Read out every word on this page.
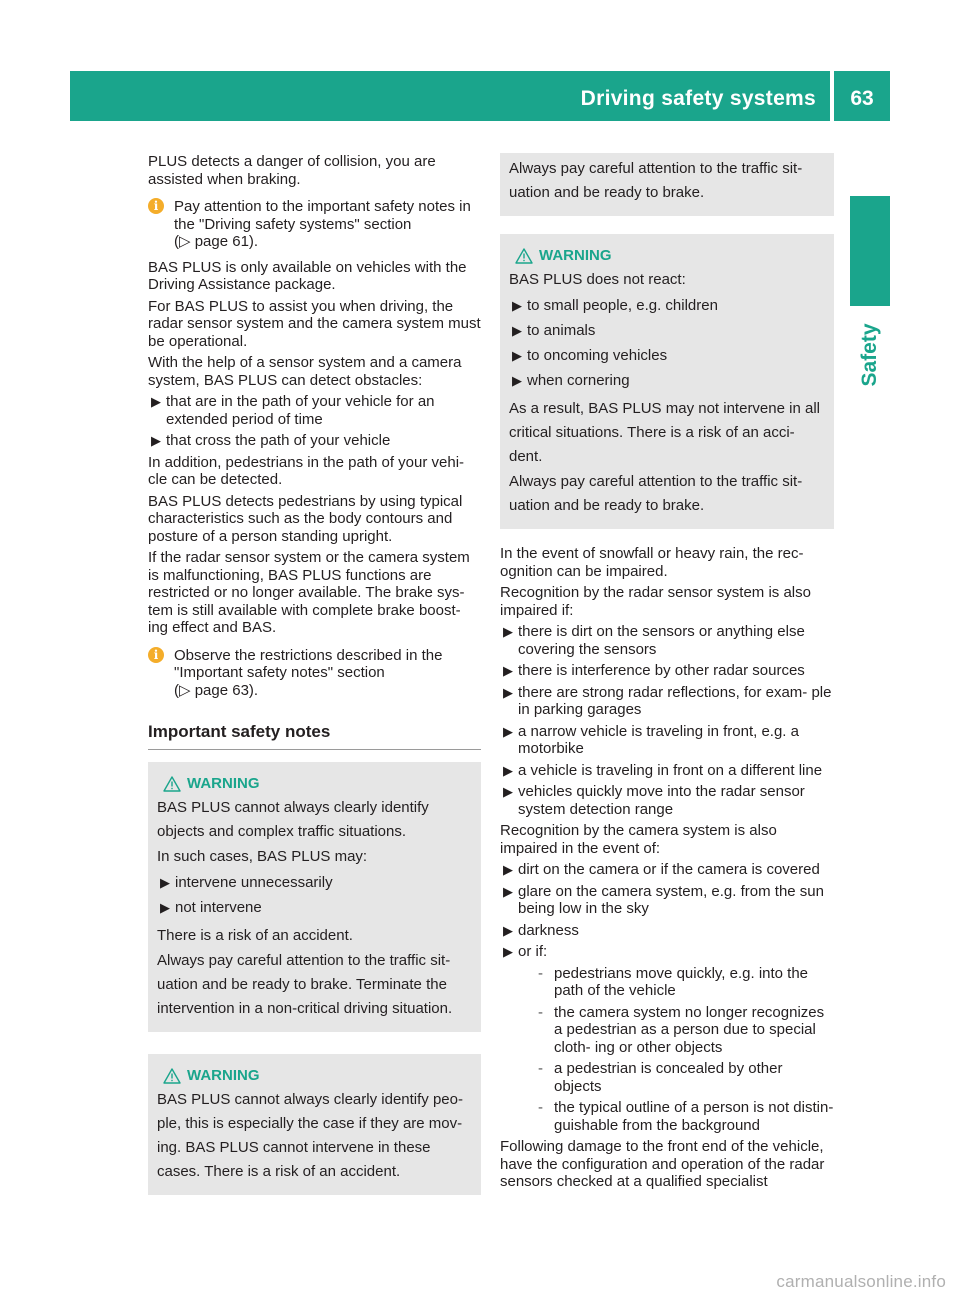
Driving safety systems	63
Safety

PLUS detects a danger of collision, you are assisted when braking.

i	Pay attention to the important safety notes in the "Driving safety systems" section
(▷ page 61).

BAS PLUS is only available on vehicles with the Driving Assistance package.

For BAS PLUS to assist you when driving, the radar sensor system and the camera system must be operational.

With the help of a sensor system and a camera system, BAS PLUS can detect obstacles:

▶ that are in the path of your vehicle for an extended period of time
▶ that cross the path of your vehicle

In addition, pedestrians in the path of your vehi- cle can be detected.

BAS PLUS detects pedestrians by using typical characteristics such as the body contours and posture of a person standing upright.

If the radar sensor system or the camera system is malfunctioning, BAS PLUS functions are restricted or no longer available. The brake sys- tem is still available with complete brake boost- ing effect and BAS.

i	Observe the restrictions described in the "Important safety notes" section
(▷ page 63).
Important safety notes
WARNING

BAS PLUS cannot always clearly identify objects and complex traffic situations.

In such cases, BAS PLUS may:

▶ intervene unnecessarily
▶ not intervene

There is a risk of an accident.

Always pay careful attention to the traffic sit- uation and be ready to brake. Terminate the intervention in a non-critical driving situation.

WARNING

BAS PLUS cannot always clearly identify peo- ple, this is especially the case if they are mov- ing. BAS PLUS cannot intervene in these cases. There is a risk of an accident.

Always pay careful attention to the traffic sit- uation and be ready to brake.

WARNING

BAS PLUS does not react:

▶ to small people, e.g. children
▶ to animals
▶ to oncoming vehicles
▶ when cornering

As a result, BAS PLUS may not intervene in all critical situations. There is a risk of an acci- dent.

Always pay careful attention to the traffic sit- uation and be ready to brake.

In the event of snowfall or heavy rain, the rec- ognition can be impaired.

Recognition by the radar sensor system is also impaired if:

▶ there is dirt on the sensors or anything else covering the sensors
▶ there is interference by other radar sources
▶ there are strong radar reflections, for exam- ple in parking garages
▶ a narrow vehicle is traveling in front, e.g. a motorbike
▶ a vehicle is traveling in front on a different line
▶ vehicles quickly move into the radar sensor system detection range

Recognition by the camera system is also impaired in the event of:

▶ dirt on the camera or if the camera is covered
▶ glare on the camera system, e.g. from the sun being low in the sky
▶ darkness
▶ or if:
- pedestrians move quickly, e.g. into the path of the vehicle
- the camera system no longer recognizes a pedestrian as a person due to special cloth- ing or other objects
- a pedestrian is concealed by other objects
- the typical outline of a person is not distin- guishable from the background

Following damage to the front end of the vehicle, have the configuration and operation of the radar sensors checked at a qualified specialist

carmanualsonline.info
